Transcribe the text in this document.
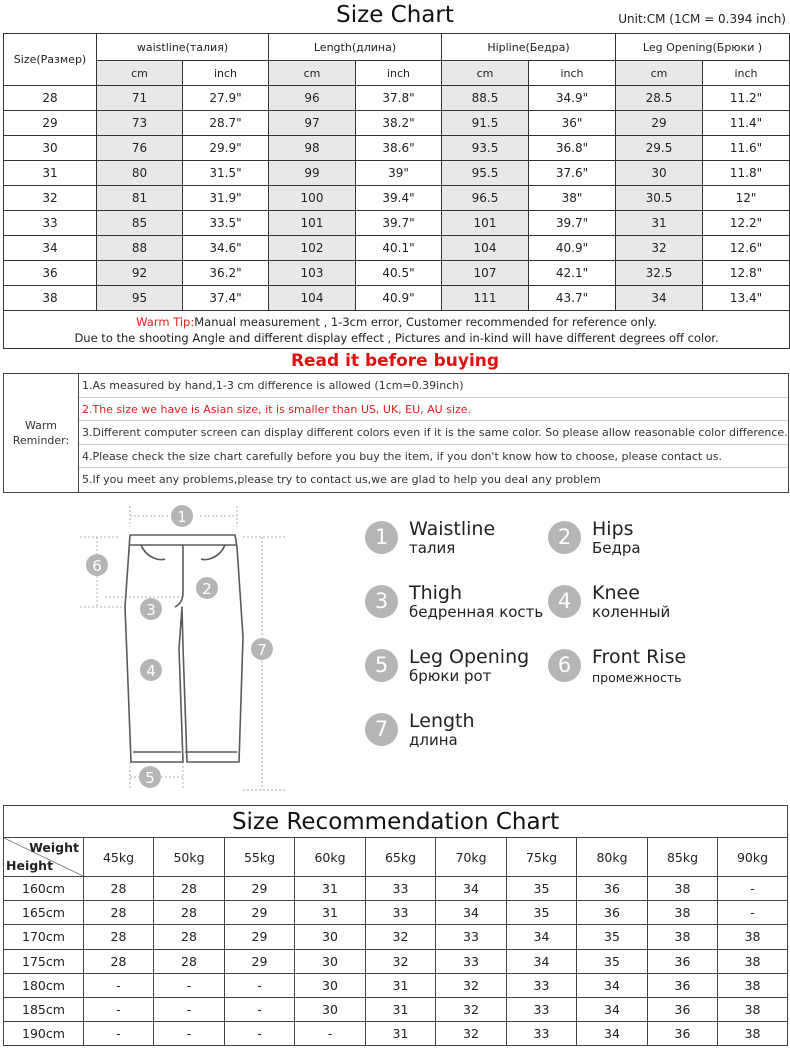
Size Chart	Unit:CM (1CM = 0.394 inch)
Size(Размер)	waistline(талия)		Length(длина)		Hipline(Бедра)		Leg Opening(Брюки )	
	cm	inch	cm	inch	cm	inch	cm	inch
28	71	27.9"	96	37.8"	88.5	34.9"	28.5	11.2"
29	73	28.7"	97	38.2"	91.5	36"	29	11.4"
30	76	29.9"	98	38.6"	93.5	36.8"	29.5	11.6"
31	80	31.5"	99	39"	95.5	37.6"	30	11.8"
32	81	31.9"	100	39.4"	96.5	38"	30.5	12"
33	85	33.5"	101	39.7"	101	39.7"	31	12.2"
34	88	34.6"	102	40.1"	104	40.9"	32	12.6"
36	92	36.2"	103	40.5"	107	42.1"	32.5	12.8"
38	95	37.4"	104	40.9"	111	43.7"	34	13.4"
Warm Tip:Manual measurement , 1-3cm error, Customer recommended for reference only.
Due to the shooting Angle and different display effect , Pictures and in-kind will have different degrees off color.								
Read it before buying
Warm
Reminder:
1.As measured by hand,1-3 cm difference is allowed (1cm=0.39inch)
2.The size we have is Asian size, it is smaller than US, UK, EU, AU size.
3.Different computer screen can display different colors even if it is the same color. So please allow reasonable color difference.
4.Please check the size chart carefully before you buy the item, if you don't know how to choose, please contact us.
5.If you meet any problems,please try to contact us,we are glad to help you deal any problem
1
2
3
4
5
6
7
1	Waistline
талия	2	Hips
Бедра
3	Thigh
бедренная кость 4	Knee
коленный
5	Leg Opening
брюки рот	6	Front Rise
промежность
7	Length
длина
Size Recommendation Chart										

Weight
Height	45kg	50kg	55kg	60kg	65kg	70kg	75kg	80kg	85kg	90kg
160cm	28	28	29	31	33	34	35	36	38	-
165cm	28	28	29	31	33	34	35	36	38	-
170cm	28	28	29	30	32	33	34	35	38	38
175cm	28	28	29	30	32	33	34	35	36	38
180cm	-	-	-	30	31	32	33	34	36	38
185cm	-	-	-	30	31	32	33	34	36	38
190cm	-	-	-	-	31	32	33	34	36	38
